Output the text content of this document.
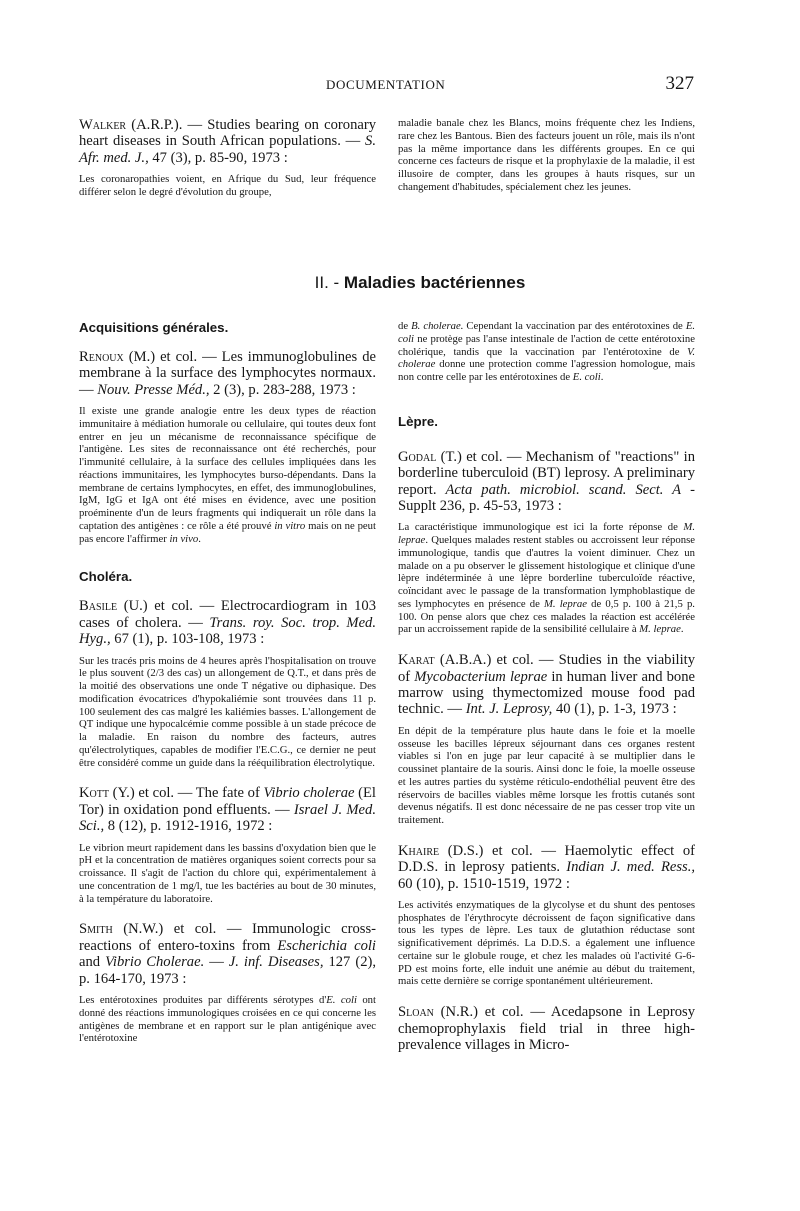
DOCUMENTATION	327

Walker (A.R.P.). — Studies bearing on coronary heart diseases in South African populations. — S. Afr. med. J., 47 (3), p. 85-90, 1973 :

Les coronaropathies voient, en Afrique du Sud, leur fréquence différer selon le degré d'évolution du groupe,

maladie banale chez les Blancs, moins fréquente chez les Indiens, rare chez les Bantous. Bien des facteurs jouent un rôle, mais ils n'ont pas la même importance dans les différents groupes. En ce qui concerne ces facteurs de risque et la prophylaxie de la maladie, il est illusoire de compter, dans les groupes à hauts risques, sur un changement d'habitudes, spécialement chez les jeunes.

II. - Maladies bactériennes

Acquisitions générales.

Renoux (M.) et col. — Les immunoglobulines de membrane à la surface des lymphocytes normaux. — Nouv. Presse Méd., 2 (3), p. 283-288, 1973 :

Il existe une grande analogie entre les deux types de réaction immunitaire à médiation humorale ou cellulaire, qui toutes deux font entrer en jeu un mécanisme de reconnaissance spécifique de l'antigène. Les sites de reconnaissance ont été recherchés, pour l'immunité cellulaire, à la surface des cellules impliquées dans les réactions immunitaires, les lymphocytes burso-dépendants. Dans la membrane de certains lymphocytes, en effet, des immunoglobulines, IgM, IgG et IgA ont été mises en évidence, avec une position proéminente d'un de leurs fragments qui indiquerait un rôle dans la captation des antigènes : ce rôle a été prouvé in vitro mais on ne peut pas encore l'affirmer in vivo.

Choléra.

Basile (U.) et col. — Electrocardiogram in 103 cases of cholera. — Trans. roy. Soc. trop. Med. Hyg., 67 (1), p. 103-108, 1973 :

Sur les tracés pris moins de 4 heures après l'hospitalisation on trouve le plus souvent (2/3 des cas) un allongement de Q.T., et dans près de la moitié des observations une onde T négative ou diphasique. Des modification évocatrices d'hypokaliémie sont trouvées dans 11 p. 100 seulement des cas malgré les kaliémies basses. L'allongement de QT indique une hypocalcémie comme possible à un stade précoce de la maladie. En raison du nombre des facteurs, autres qu'électrolytiques, capables de modifier l'E.C.G., ce dernier ne peut être considéré comme un guide dans la rééquilibration électrolytique.

Kott (Y.) et col. — The fate of Vibrio cholerae (El Tor) in oxidation pond effluents. — Israel J. Med. Sci., 8 (12), p. 1912-1916, 1972 :

Le vibrion meurt rapidement dans les bassins d'oxydation bien que le pH et la concentration de matières organiques soient corrects pour sa croissance. Il s'agit de l'action du chlore qui, expérimentalement à une concentration de 1 mg/l, tue les bactéries au bout de 30 minutes, à la température du laboratoire.

Smith (N.W.) et col. — Immunologic cross-reactions of entero-toxins from Escherichia coli and Vibrio Cholerae. — J. inf. Diseases, 127 (2), p. 164-170, 1973 :

Les entérotoxines produites par différents sérotypes d'E. coli ont donné des réactions immunologiques croisées en ce qui concerne les antigènes de membrane et en rapport sur le plan antigénique avec l'entérotoxine

de B. cholerae. Cependant la vaccination par des entérotoxines de E. coli ne protège pas l'anse intestinale de l'action de cette entérotoxine cholérique, tandis que la vaccination par l'entérotoxine de V. cholerae donne une protection comme l'agression homologue, mais non contre celle par les entérotoxines de E. coli.

Lèpre.

Godal (T.) et col. — Mechanism of "reactions" in borderline tuberculoid (BT) leprosy. A preliminary report. Acta path. microbiol. scand. Sect. A - Supplt 236, p. 45-53, 1973 :

La caractéristique immunologique est ici la forte réponse de M. leprae. Quelques malades restent stables ou accroissent leur réponse immunologique, tandis que d'autres la voient diminuer. Chez un malade on a pu observer le glissement histologique et clinique d'une lèpre indéterminée à une lèpre borderline tuberculoïde réactive, coïncidant avec le passage de la transformation lymphoblastique de ses lymphocytes en présence de M. leprae de 0,5 p. 100 à 21,5 p. 100. On pense alors que chez ces malades la réaction est accélérée par un accroissement rapide de la sensibilité cellulaire à M. leprae.

Karat (A.B.A.) et col. — Studies in the viability of Mycobacterium leprae in human liver and bone marrow using thymectomized mouse food pad technic. — Int. J. Leprosy, 40 (1), p. 1-3, 1973 :

En dépit de la température plus haute dans le foie et la moelle osseuse les bacilles lépreux séjournant dans ces organes restent viables si l'on en juge par leur capacité à se multiplier dans le coussinet plantaire de la souris. Ainsi donc le foie, la moelle osseuse et les autres parties du système réticulo-endothélial peuvent être des réservoirs de bacilles viables même lorsque les frottis cutanés sont devenus négatifs. Il est donc nécessaire de ne pas cesser trop vite un traitement.

Khaire (D.S.) et col. — Haemolytic effect of D.D.S. in leprosy patients. Indian J. med. Ress., 60 (10), p. 1510-1519, 1972 :

Les activités enzymatiques de la glycolyse et du shunt des pentoses phosphates de l'érythrocyte décroissent de façon significative dans tous les types de lèpre. Les taux de glutathion réductase sont significativement déprimés. La D.D.S. a également une influence certaine sur le globule rouge, et chez les malades où l'activité G-6-PD est moins forte, elle induit une anémie au début du traitement, mais cette dernière se corrige spontanément ultérieurement.

Sloan (N.R.) et col. — Acedapsone in Leprosy chemoprophylaxis field trial in three high-prevalence villages in Micro-
